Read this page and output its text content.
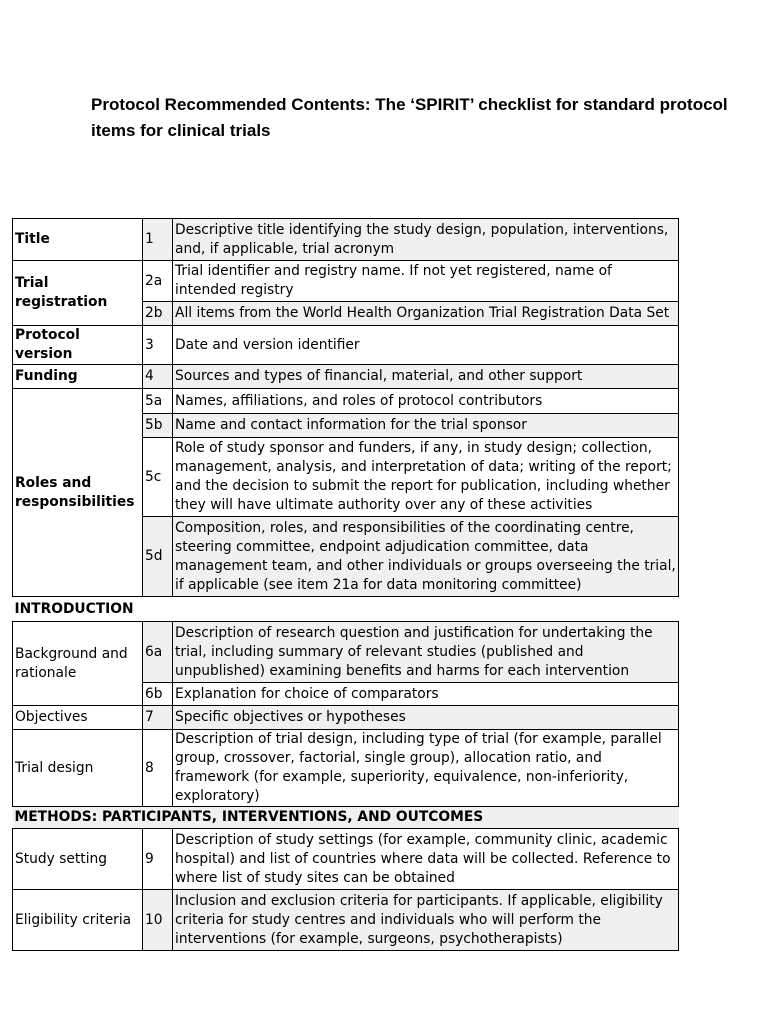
Protocol Recommended Contents: The ‘SPIRIT’ checklist for standard protocol items for clinical trials
Title	1	Descriptive title identifying the study design, population, interventions, and, if applicable, trial acronym
Trial registration	2a	Trial identifier and registry name. If not yet registered, name of intended registry
	2b	All items from the World Health Organization Trial Registration Data Set
Protocol version	3	Date and version identifier
Funding	4	Sources and types of financial, material, and other support
Roles and responsibilities	5a	Names, affiliations, and roles of protocol contributors
	5b	Name and contact information for the trial sponsor
	5c	Role of study sponsor and funders, if any, in study design; collection, management, analysis, and interpretation of data; writing of the report; and the decision to submit the report for publication, including whether they will have ultimate authority over any of these activities
	5d	Composition, roles, and responsibilities of the coordinating centre, steering committee, endpoint adjudication committee, data management team, and other individuals or groups overseeing the trial, if applicable (see item 21a for data monitoring committee)
INTRODUCTION		
Background and rationale	6a	Description of research question and justification for undertaking the trial, including summary of relevant studies (published and unpublished) examining benefits and harms for each intervention
	6b	Explanation for choice of comparators
Objectives	7	Specific objectives or hypotheses
Trial design	8	Description of trial design, including type of trial (for example, parallel group, crossover, factorial, single group), allocation ratio, and framework (for example, superiority, equivalence, non-inferiority, exploratory)
METHODS: PARTICIPANTS, INTERVENTIONS, AND OUTCOMES		
Study setting	9	Description of study settings (for example, community clinic, academic hospital) and list of countries where data will be collected. Reference to where list of study sites can be obtained
Eligibility criteria	10	Inclusion and exclusion criteria for participants. If applicable, eligibility criteria for study centres and individuals who will perform the interventions (for example, surgeons, psychotherapists)
